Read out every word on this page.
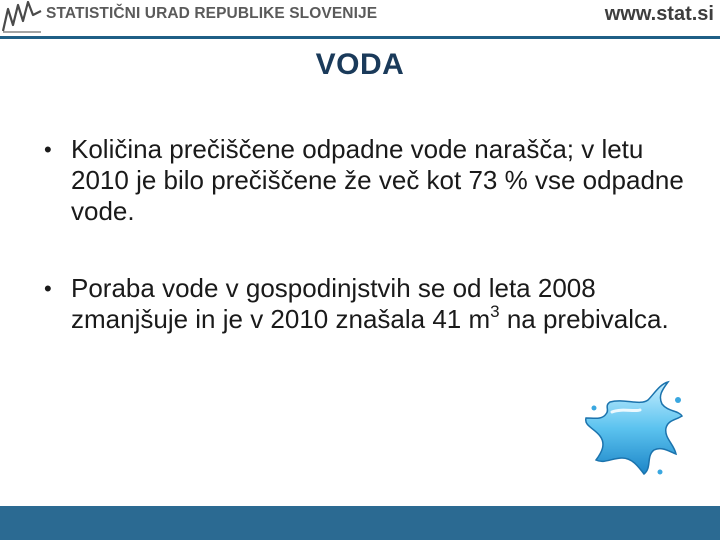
STATISTIČNI URAD REPUBLIKE SLOVENIJE	www.stat.si
VODA
• Količina prečiščene odpadne vode narašča; v letu 2010 je bilo prečiščene že več kot 73 % vse odpadne vode.
• Poraba vode v gospodinjstvih se od leta 2008 zmanjšuje in je v 2010 znašala 41 $m^3$ na prebivalca.
